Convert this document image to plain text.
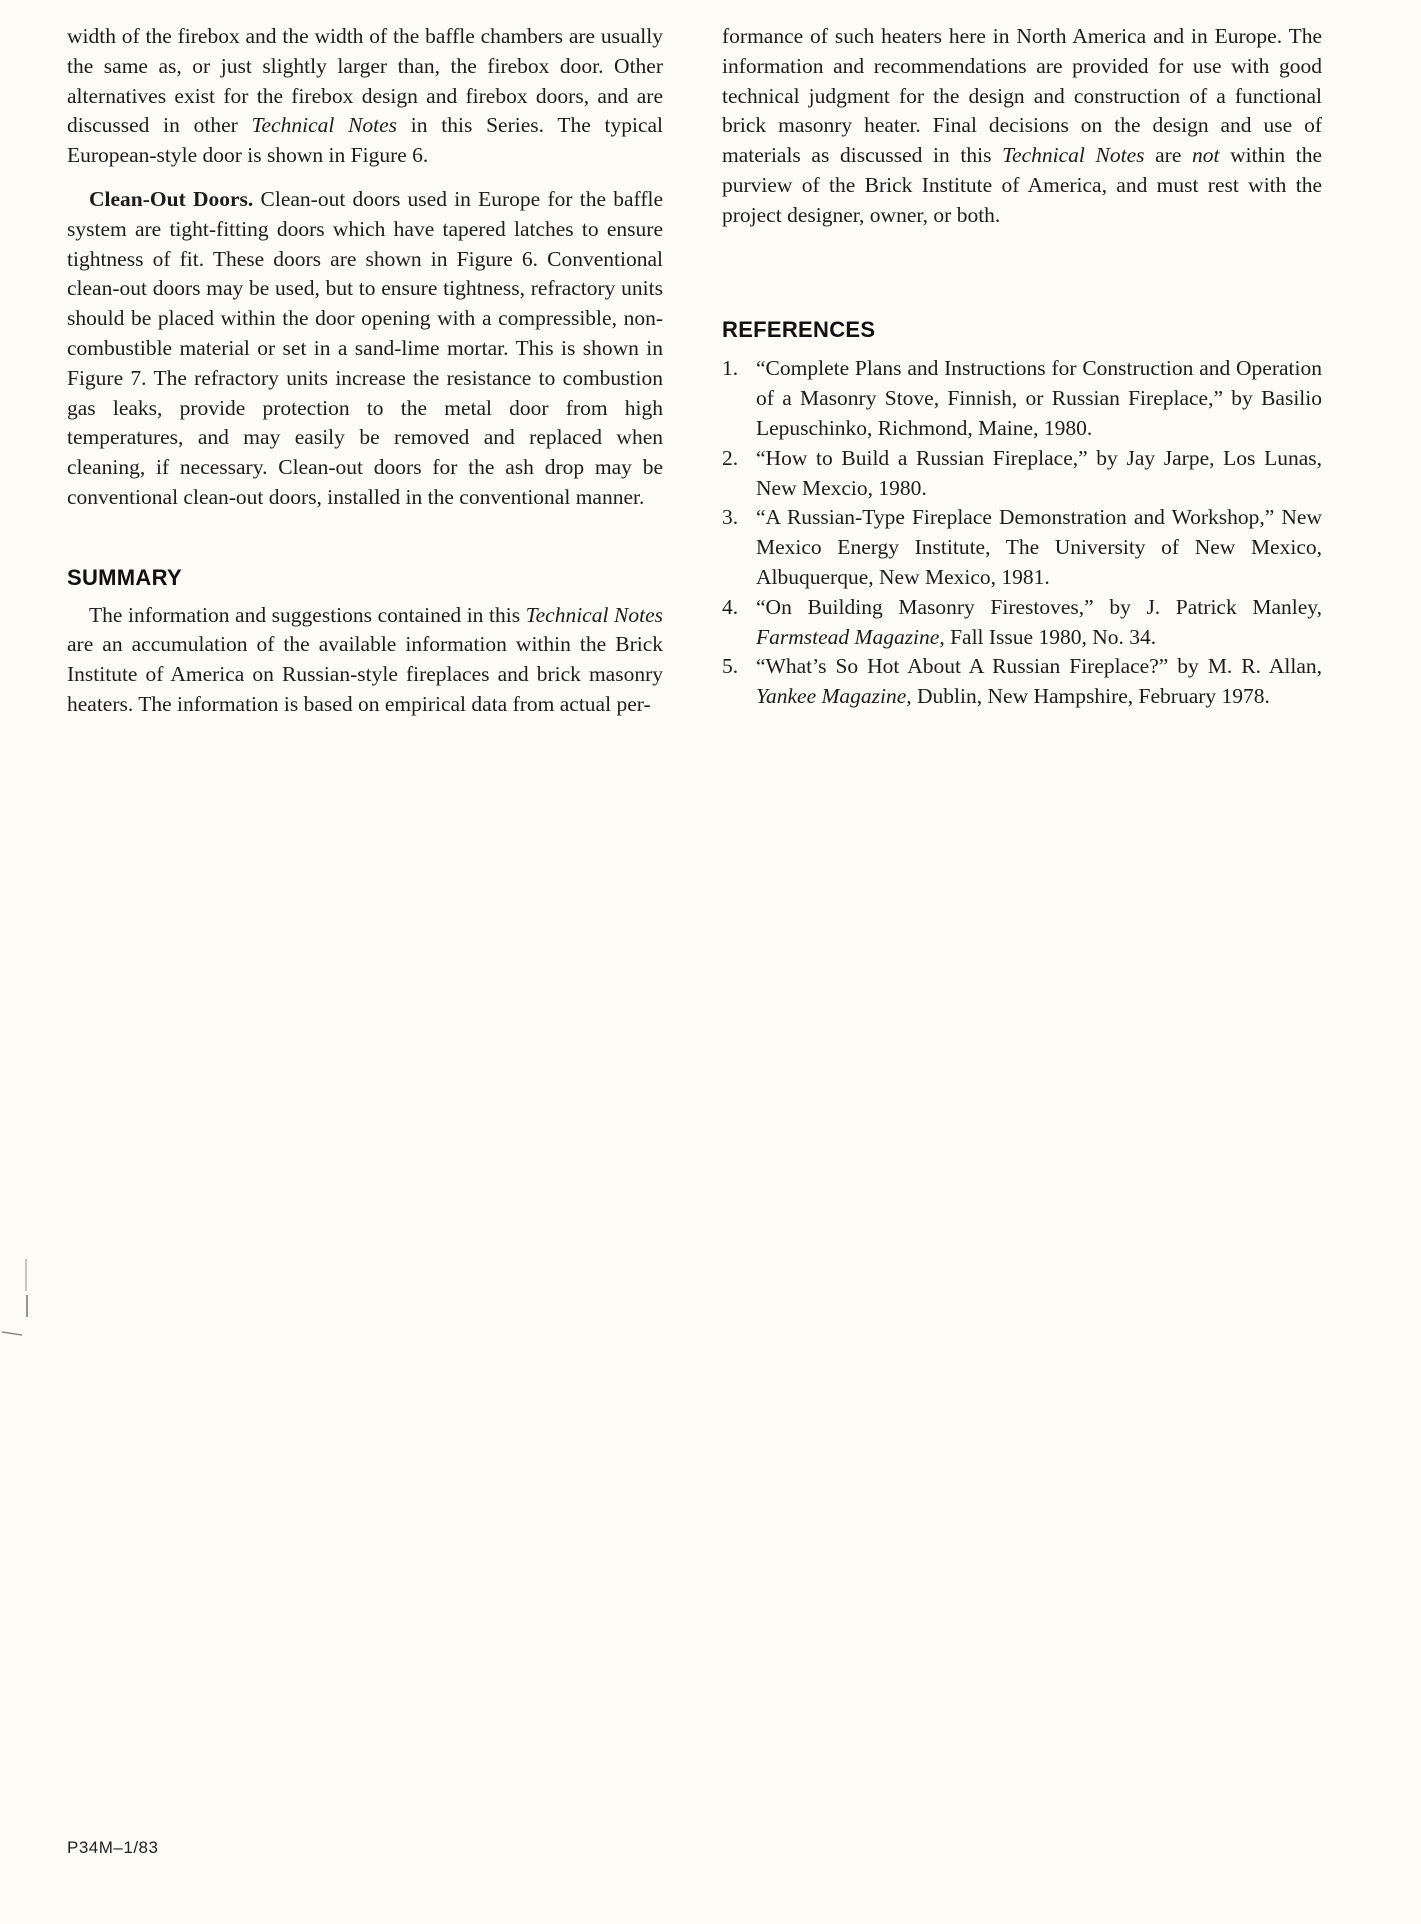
width of the firebox and the width of the baffle chambers are usually the same as, or just slightly larger than, the firebox door. Other alternatives exist for the firebox design and firebox doors, and are discussed in other Technical Notes in this Series. The typical European-style door is shown in Figure 6.

Clean-Out Doors. Clean-out doors used in Europe for the baffle system are tight-fitting doors which have tapered latches to ensure tightness of fit. These doors are shown in Figure 6. Conventional clean-out doors may be used, but to ensure tightness, refractory units should be placed within the door opening with a compressible, non-combustible material or set in a sand-lime mortar. This is shown in Figure 7. The refractory units increase the resistance to combustion gas leaks, provide protection to the metal door from high temperatures, and may easily be removed and replaced when cleaning, if necessary. Clean-out doors for the ash drop may be conventional clean-out doors, installed in the conventional manner.

SUMMARY

The information and suggestions contained in this Technical Notes are an accumulation of the available information within the Brick Institute of America on Russian-style fireplaces and brick masonry heaters. The information is based on empirical data from actual per-

formance of such heaters here in North America and in Europe. The information and recommendations are provided for use with good technical judgment for the design and construction of a functional brick masonry heater. Final decisions on the design and use of materials as discussed in this Technical Notes are not within the purview of the Brick Institute of America, and must rest with the project designer, owner, or both.

REFERENCES
1. “Complete Plans and Instructions for Construction and Operation of a Masonry Stove, Finnish, or Russian Fireplace,” by Basilio Lepuschinko, Richmond, Maine, 1980.
2. “How to Build a Russian Fireplace,” by Jay Jarpe, Los Lunas, New Mexcio, 1980.
3. “A Russian-Type Fireplace Demonstration and Workshop,” New Mexico Energy Institute, The University of New Mexico, Albuquerque, New Mexico, 1981.
4. “On Building Masonry Firestoves,” by J. Patrick Manley, Farmstead Magazine, Fall Issue 1980, No. 34.
5. “What’s So Hot About A Russian Fireplace?” by M. R. Allan, Yankee Magazine, Dublin, New Hampshire, February 1978.
P34M–1/83
